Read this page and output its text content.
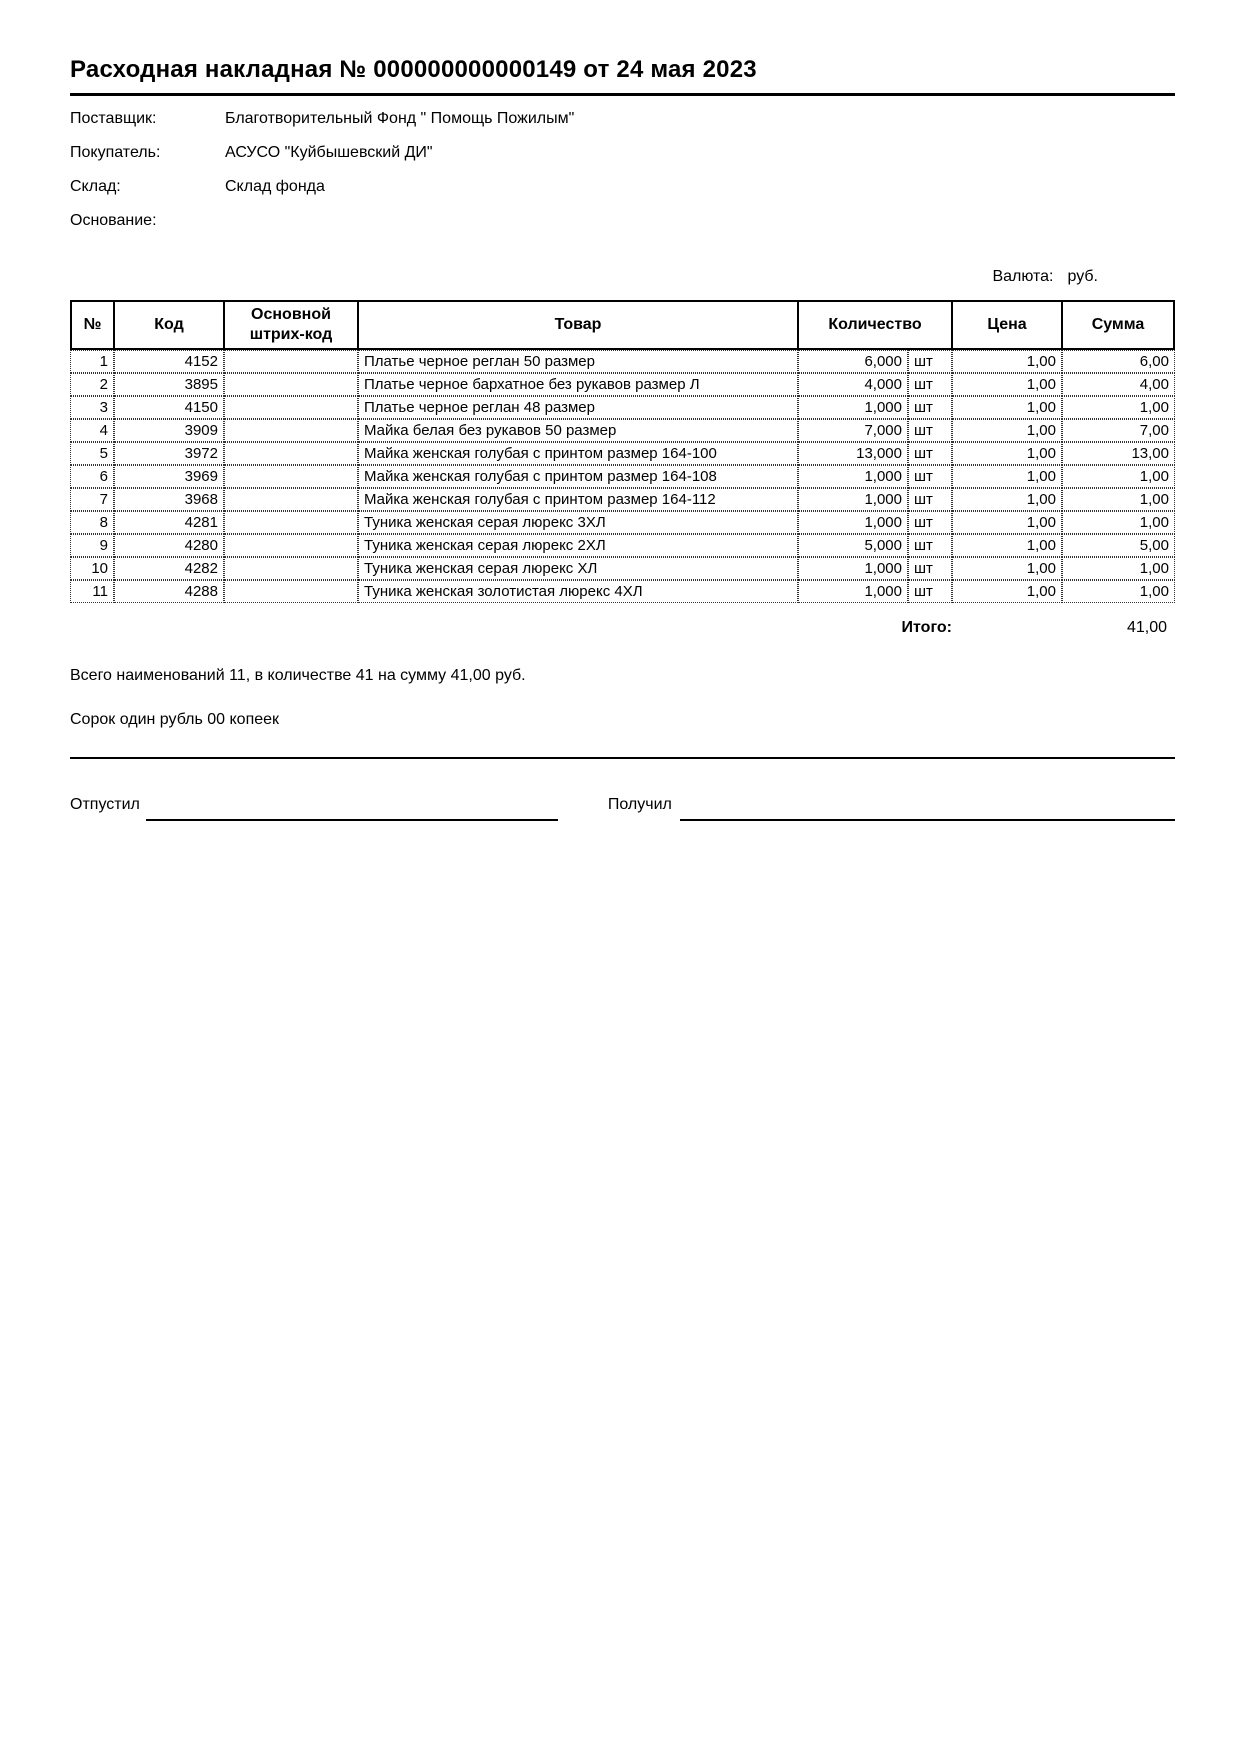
Расходная накладная № 000000000000149 от 24 мая 2023
Поставщик:	Благотворительный Фонд " Помощь Пожилым"
Покупатель:	АСУСО "Куйбышевский ДИ"
Склад:	Склад фонда
Основание:
Валюта: руб.
№	Код	Основной штрих-код	Товар	Количество		Цена	Сумма
1	4152		Платье черное реглан 50 размер	6,000	шт	1,00	6,00
2	3895		Платье черное бархатное без рукавов размер Л	4,000	шт	1,00	4,00
3	4150		Платье черное реглан 48 размер	1,000	шт	1,00	1,00
4	3909		Майка белая без рукавов 50 размер	7,000	шт	1,00	7,00
5	3972		Майка женская голубая с принтом размер 164-100	13,000	шт	1,00	13,00
6	3969		Майка женская голубая с принтом размер 164-108	1,000	шт	1,00	1,00
7	3968		Майка женская голубая с принтом размер 164-112	1,000	шт	1,00	1,00
8	4281		Туника женская серая люрекс 3ХЛ	1,000	шт	1,00	1,00
9	4280		Туника женская серая люрекс 2ХЛ	5,000	шт	1,00	5,00
10	4282		Туника женская серая люрекс ХЛ	1,000	шт	1,00	1,00
11	4288		Туника женская золотистая люрекс 4ХЛ	1,000	шт	1,00	1,00
Итого:	41,00
Всего наименований 11, в количестве 41 на сумму 41,00 руб.
Сорок один рубль 00 копеек
Отпустил	Получил
